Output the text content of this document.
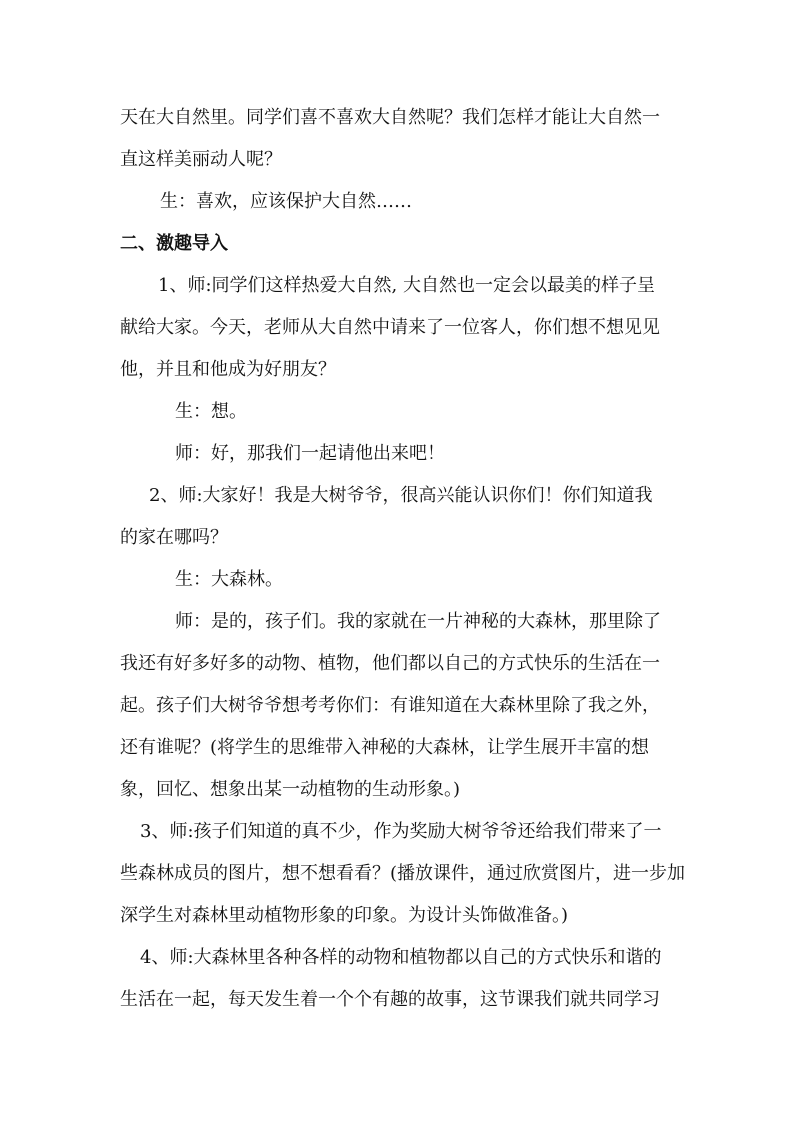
天在大自然里。同学们喜不喜欢大自然呢？我们怎样才能让大自然一
直这样美丽动人呢？
生：喜欢，应该保护大自然……
二、激趣导入
1、师:同学们这样热爱大自然, 大自然也一定会以最美的样子呈
献给大家。今天，老师从大自然中请来了一位客人，你们想不想见见
他，并且和他成为好朋友？
生：想。
师：好，那我们一起请他出来吧！
2、师:大家好！我是大树爷爷，很高兴能认识你们！你们知道我
的家在哪吗？
生：大森林。
师：是的，孩子们。我的家就在一片神秘的大森林，那里除了
我还有好多好多的动物、植物，他们都以自己的方式快乐的生活在一
起。孩子们大树爷爷想考考你们：有谁知道在大森林里除了我之外，
还有谁呢？(将学生的思维带入神秘的大森林，让学生展开丰富的想
象，回忆、想象出某一动植物的生动形象。)
3、师:孩子们知道的真不少，作为奖励大树爷爷还给我们带来了一
些森林成员的图片，想不想看看？(播放课件，通过欣赏图片，进一步加
深学生对森林里动植物形象的印象。为设计头饰做准备。)
4、师:大森林里各种各样的动物和植物都以自己的方式快乐和谐的
生活在一起，每天发生着一个个有趣的故事，这节课我们就共同学习
